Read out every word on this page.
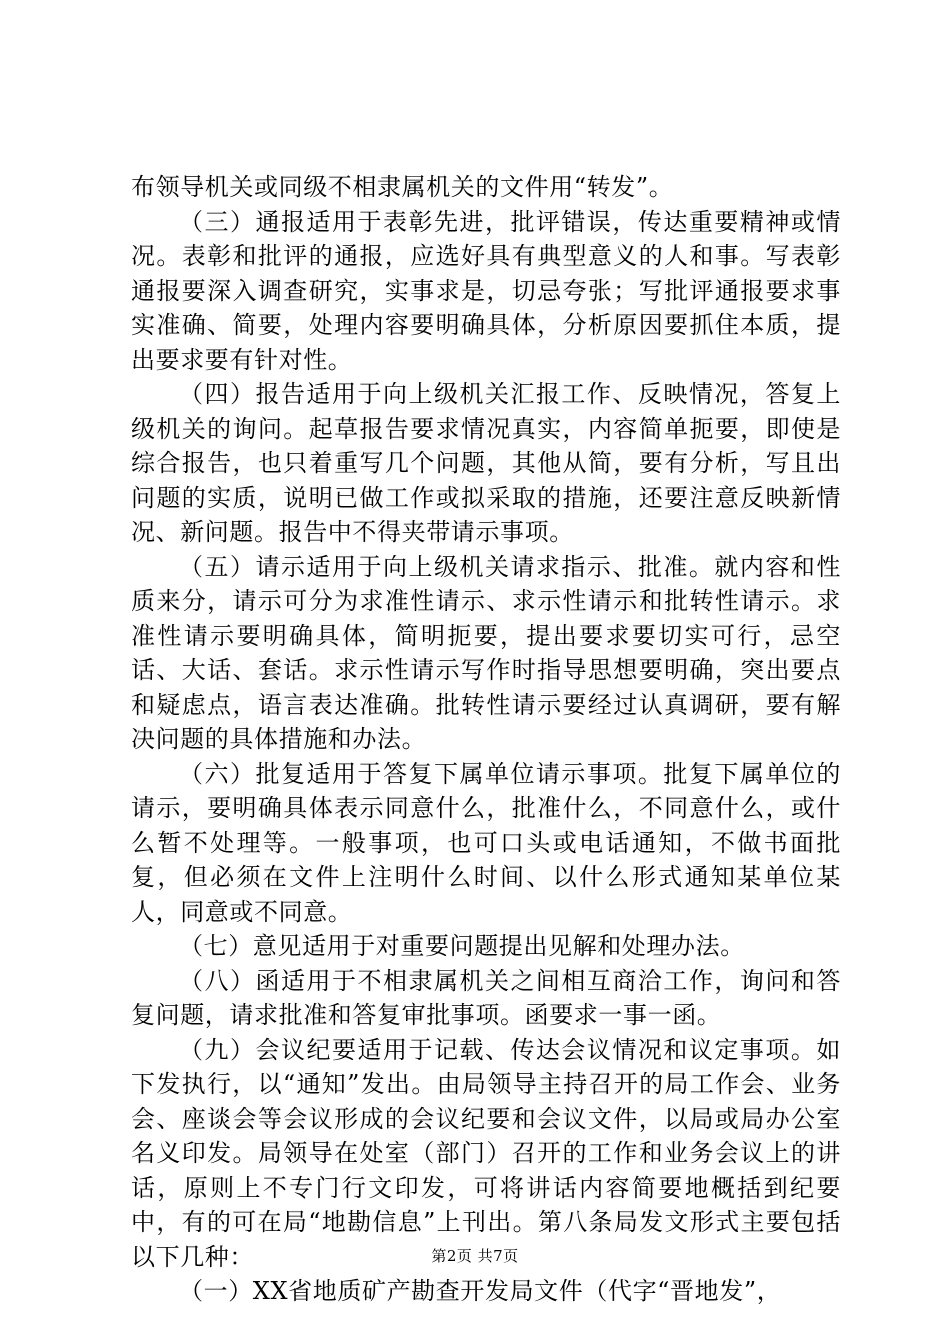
布领导机关或同级不相隶属机关的文件用“转发”。

（三）通报适用于表彰先进，批评错误，传达重要精神或情况。表彰和批评的通报，应选好具有典型意义的人和事。写表彰通报要深入调查研究，实事求是，切忌夸张；写批评通报要求事实准确、简要，处理内容要明确具体，分析原因要抓住本质，提出要求要有针对性。

（四）报告适用于向上级机关汇报工作、反映情况，答复上级机关的询问。起草报告要求情况真实，内容简单扼要，即使是综合报告，也只着重写几个问题，其他从简，要有分析，写且出问题的实质，说明已做工作或拟采取的措施，还要注意反映新情况、新问题。报告中不得夹带请示事项。

（五）请示适用于向上级机关请求指示、批准。就内容和性质来分，请示可分为求准性请示、求示性请示和批转性请示。求准性请示要明确具体，简明扼要，提出要求要切实可行，忌空话、大话、套话。求示性请示写作时指导思想要明确，突出要点和疑虑点，语言表达准确。批转性请示要经过认真调研，要有解决问题的具体措施和办法。

（六）批复适用于答复下属单位请示事项。批复下属单位的请示，要明确具体表示同意什么，批准什么，不同意什么，或什么暂不处理等。一般事项，也可口头或电话通知，不做书面批复，但必须在文件上注明什么时间、以什么形式通知某单位某人，同意或不同意。

（七）意见适用于对重要问题提出见解和处理办法。

（八）函适用于不相隶属机关之间相互商洽工作，询问和答复问题，请求批准和答复审批事项。函要求一事一函。

（九）会议纪要适用于记载、传达会议情况和议定事项。如下发执行，以“通知”发出。由局领导主持召开的局工作会、业务会、座谈会等会议形成的会议纪要和会议文件，以局或局办公室名义印发。局领导在处室（部门）召开的工作和业务会议上的讲话，原则上不专门行文印发，可将讲话内容简要地概括到纪要中，有的可在局“地勘信息”上刊出。第八条局发文形式主要包括以下几种：

（一）XX省地质矿产勘查开发局文件（代字“晋地发”，

第2页 共7页
